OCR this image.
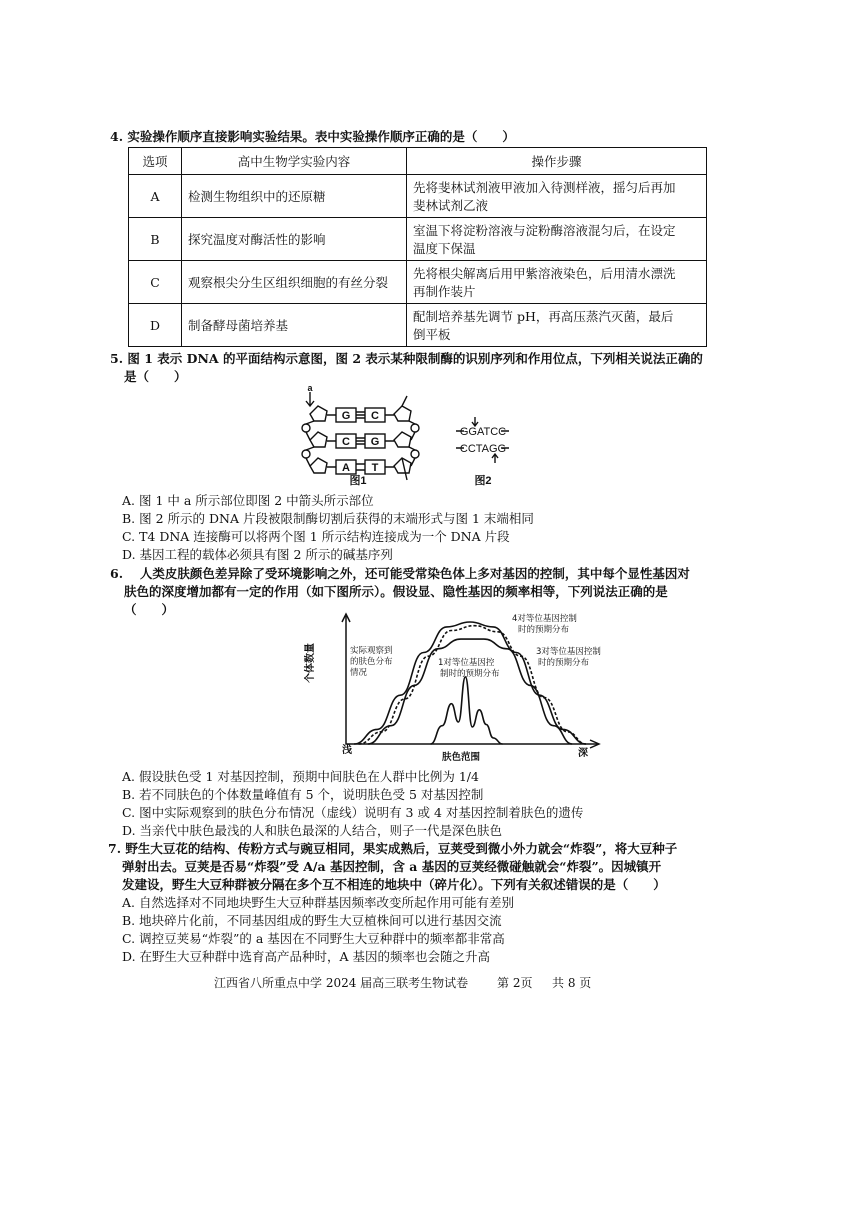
4. 实验操作顺序直接影响实验结果。表中实验操作顺序正确的是（　　）
选项	高中生物学实验内容	操作步骤
A	检测生物组织中的还原糖	先将斐林试剂液甲液加入待测样液，摇匀后再加
斐林试剂乙液

B	探究温度对酶活性的影响	室温下将淀粉溶液与淀粉酶溶液混匀后，在设定
温度下保温

C	观察根尖分生区组织细胞的有丝分裂	先将根尖解离后用甲紫溶液染色，后用清水漂洗
再制作装片

D	制备酵母菌培养基	配制培养基先调节 pH，再高压蒸汽灭菌，最后
倒平板
5. 图 1 表示 DNA 的平面结构示意图，图 2 表示某种限制酶的识别序列和作用位点，下列相关说法正确的
是（　　）
a
G C
C G
A T
图1
GGATCC
CCTAGG
图2
A. 图 1 中 a 所示部位即图 2 中箭头所示部位
B. 图 2 所示的 DNA 片段被限制酶切割后获得的末端形式与图 1 末端相同
C. T4 DNA 连接酶可以将两个图 1 所示结构连接成为一个 DNA 片段
D. 基因工程的载体必须具有图 2 所示的碱基序列
6. 　人类皮肤颜色差异除了受环境影响之外，还可能受常染色体上多对基因的控制，其中每个显性基因对
肤色的深度增加都有一定的作用（如下图所示）。假设显、隐性基因的频率相等，下列说法正确的是
（　　）
个体数量
肤色范围
浅	深
实际观察到的肤色分布情况
4对等位基因控制时的预期分布
3对等位基因控制时的预期分布
1对等位基因控制时的预期分布
A. 假设肤色受 1 对基因控制，预期中间肤色在人群中比例为 1/4
B. 若不同肤色的个体数量峰值有 5 个，说明肤色受 5 对基因控制
C. 图中实际观察到的肤色分布情况（虚线）说明有 3 或 4 对基因控制着肤色的遗传
D. 当亲代中肤色最浅的人和肤色最深的人结合，则子一代是深色肤色
7. 野生大豆花的结构、传粉方式与豌豆相同，果实成熟后，豆荚受到微小外力就会“炸裂”，将大豆种子
弹射出去。豆荚是否易“炸裂”受 A/a 基因控制，含 a 基因的豆荚经微碰触就会“炸裂”。因城镇开
发建设，野生大豆种群被分隔在多个互不相连的地块中（碎片化）。下列有关叙述错误的是（　　）
A. 自然选择对不同地块野生大豆种群基因频率改变所起作用可能有差别
B. 地块碎片化前，不同基因组成的野生大豆植株间可以进行基因交流
C. 调控豆荚易“炸裂”的 a 基因在不同野生大豆种群中的频率都非常高
D. 在野生大豆种群中选育高产品种时，A 基因的频率也会随之升高
江西省八所重点中学 2024 届高三联考生物试卷 第 2页 共 8 页
